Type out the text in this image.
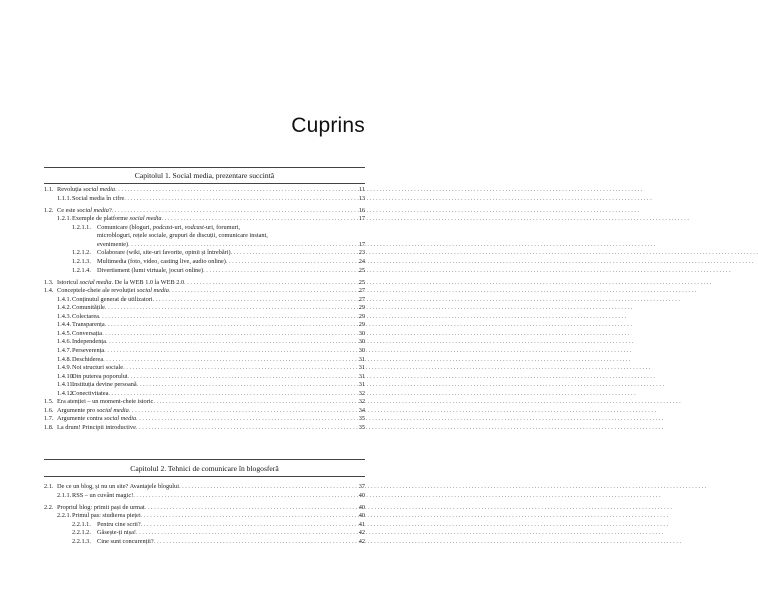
Cuprins
Capitolul 1. Social media, prezentare succintă
1.1. Revoluția social media . . .	11
1.1.1. Social media în cifre . . .	13
1.2. Ce este social media? . . .	16
1.2.1. Exemple de platforme social media . . .	17
1.2.1.1. Comunicare (bloguri, podcast-uri, vodcast-uri, forumuri,
microbloguri, rețele sociale, grupuri de discuții, comunicare instant,
evenimente) . . .	17
1.2.1.2. Colaborare (wiki, site-uri favorite, opinii și întrebări) . . .	23
1.2.1.3. Multimedia (foto, video, casting live, audio online) . . .	24
1.2.1.4. Divertisment (lumi virtuale, jocuri online) . . .	25
1.3. Istoricul social media. De la WEB 1.0 la WEB 2.0 . . .	25
1.4. Conceptele-cheie ale revoluției social media . . .	27
1.4.1. Conținutul generat de utilizatori . . .	27
1.4.2. Comunitățile . . .	29
1.4.3. Colectarea . . .	29
1.4.4. Transparența . . .	29
1.4.5. Conversația . . .	30
1.4.6. Independența . . .	30
1.4.7. Perseverența . . .	30
1.4.8. Deschiderea . . .	31
1.4.9. Noi structuri sociale . . .	31
1.4.10.
Din puterea poporului . . .	31
1.4.11.
Instituția devine persoană . . .	31
1.4.12.
Conectivitatea . . .	32
1.5. Era atenției – un moment-cheie istoric . . .	32
1.6. Argumente pro social media . . .	34
1.7. Argumente contra social media . . .	35
1.8. La drum! Principii introductive . . .	35
Capitolul 2. Tehnici de comunicare în blogosferă
2.1. De ce un blog, și nu un site? Avantajele blogului . . .	37
2.1.1. RSS – un cuvânt magic! . . .	40
2.2. Propriul blog: primii pași de urmat . . .	40
2.2.1. Primul pas: studierea pieței . . .	40
2.2.1.1. Pentru cine scrii? . . .	41
2.2.1.2. Găsește-ți nișa! . . .	42
2.2.1.3. Cine sunt concurenții? . . .	42
